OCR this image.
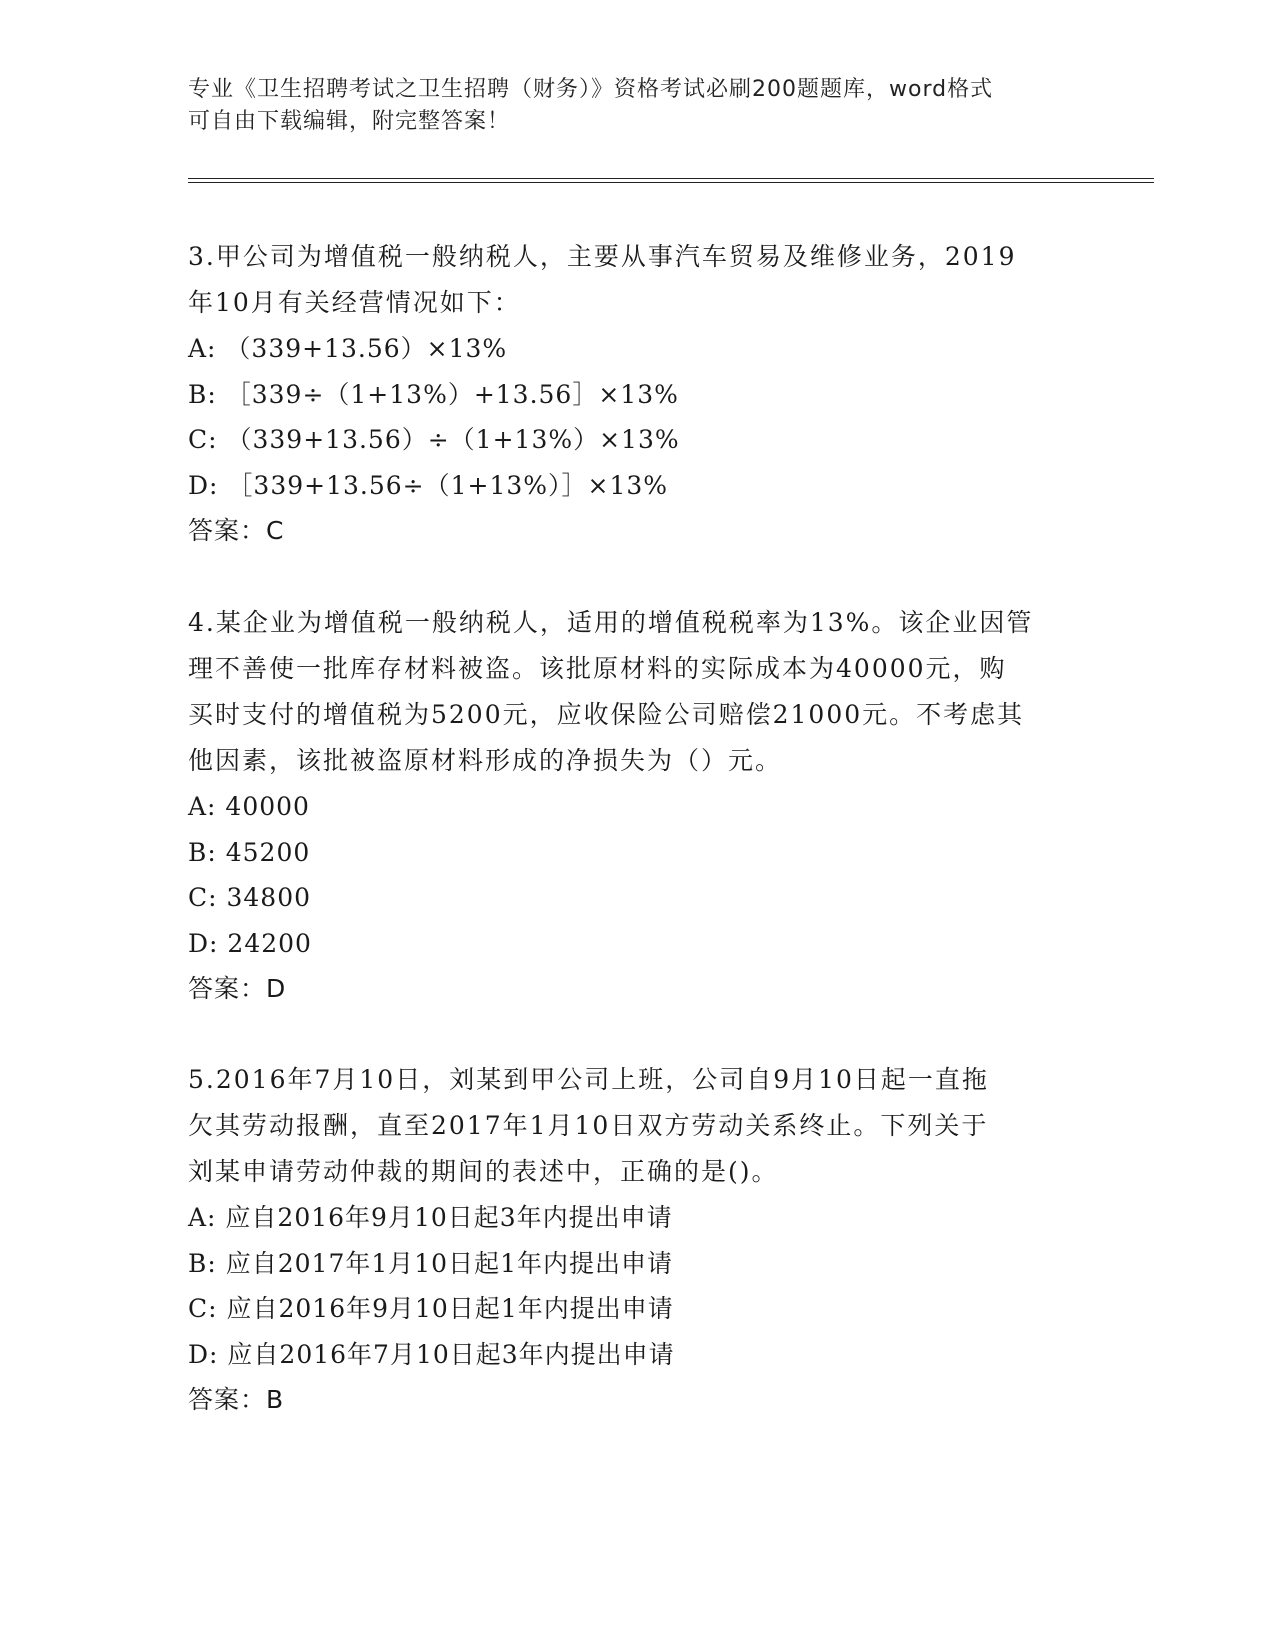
专业《卫生招聘考试之卫生招聘（财务）》资格考试必刷200题题库，word格式
可自由下载编辑，附完整答案！

3.甲公司为增值税一般纳税人，主要从事汽车贸易及维修业务，2019
年10月有关经营情况如下：

A: （339+13.56）×13%
B: ［339÷（1+13%）+13.56］×13%
C: （339+13.56）÷（1+13%）×13%
D: ［339+13.56÷（1+13%）］×13%
答案：C

4.某企业为增值税一般纳税人，适用的增值税税率为13%。该企业因管
理不善使一批库存材料被盗。该批原材料的实际成本为40000元，购
买时支付的增值税为5200元，应收保险公司赔偿21000元。不考虑其
他因素，该批被盗原材料形成的净损失为（）元。

A: 40000
B: 45200
C: 34800
D: 24200
答案：D

5.2016年7月10日，刘某到甲公司上班，公司自9月10日起一直拖
欠其劳动报酬，直至2017年1月10日双方劳动关系终止。下列关于
刘某申请劳动仲裁的期间的表述中，正确的是()。

A: 应自2016年9月10日起3年内提出申请
B: 应自2017年1月10日起1年内提出申请
C: 应自2016年9月10日起1年内提出申请
D: 应自2016年7月10日起3年内提出申请
答案：B
